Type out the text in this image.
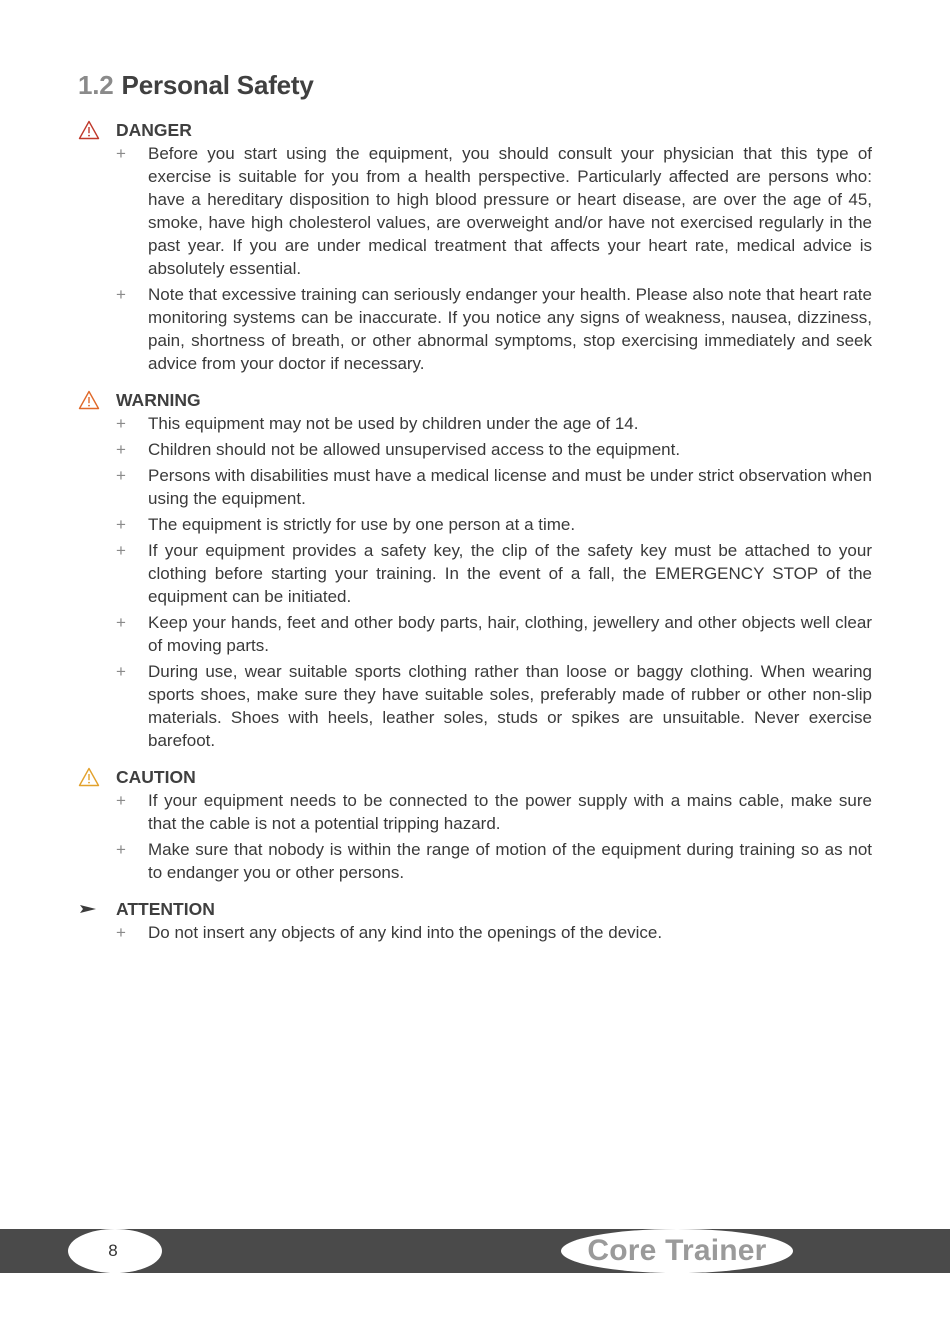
1.2 Personal Safety
DANGER
+	Before you start using the equipment, you should consult your physician that this type of exercise is suitable for you from a health perspective. Particularly affected are persons who: have a hereditary disposition to high blood pressure or heart disease, are over the age of 45, smoke, have high cholesterol values, are overweight and/or have not exercised regularly in the past year. If you are under medical treatment that affects your heart rate, medical advice is absolutely essential.
+	Note that excessive training can seriously endanger your health. Please also note that heart rate monitoring systems can be inaccurate. If you notice any signs of weakness, nausea, dizziness, pain, shortness of breath, or other abnormal symptoms, stop exercising immediately and seek advice from your doctor if necessary.
WARNING
+	This equipment may not be used by children under the age of 14.
+	Children should not be allowed unsupervised access to the equipment.
+	Persons with disabilities must have a medical license and must be under strict observation when using the equipment.
+	The equipment is strictly for use by one person at a time.
+	If your equipment provides a safety key, the clip of the safety key must be attached to your clothing before starting your training. In the event of a fall, the EMERGENCY STOP of the equipment can be initiated.
+	Keep your hands, feet and other body parts, hair, clothing, jewellery and other objects well clear of moving parts.
+	During use, wear suitable sports clothing rather than loose or baggy clothing. When wearing sports shoes, make sure they have suitable soles, preferably made of rubber or other non-slip materials. Shoes with heels, leather soles, studs or spikes are unsuitable. Never exercise barefoot.
CAUTION
+	If your equipment needs to be connected to the power supply with a mains cable, make sure that the cable is not a potential tripping hazard.
+	Make sure that nobody is within the range of motion of the equipment during training so as not to endanger you or other persons.
ATTENTION
+	Do not insert any objects of any kind into the openings of the device.
8	Core Trainer
